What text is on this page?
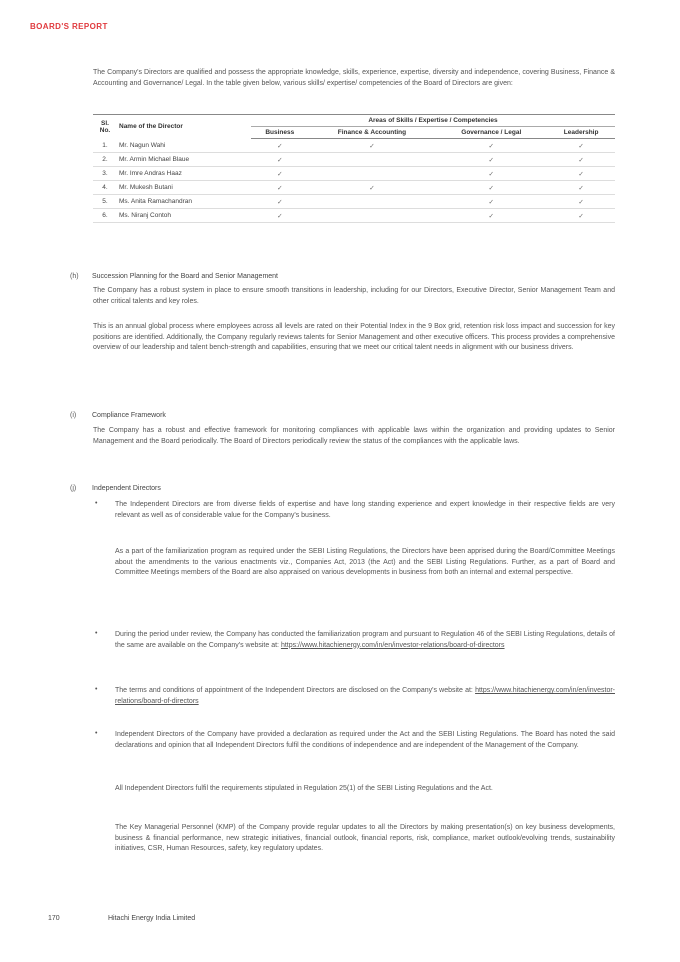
BOARD'S REPORT
The Company's Directors are qualified and possess the appropriate knowledge, skills, experience, expertise, diversity and independence, covering Business, Finance & Accounting and Governance/ Legal. In the table given below, various skills/ expertise/ competencies of the Board of Directors are given:
Sl. No.	Name of the Director	Areas of Skills / Expertise / Competencies			
		Business	Finance & Accounting	Governance / Legal	Leadership
1.	Mr. Nagun Wahi	✓	✓	✓	✓
2.	Mr. Armin Michael Blaue	✓		✓	✓
3.	Mr. Imre Andras Haaz	✓		✓	✓
4.	Mr. Mukesh Butani	✓	✓	✓	✓
5.	Ms. Anita Ramachandran	✓		✓	✓
6.	Ms. Niranj Contoh	✓		✓	✓
(h) Succession Planning for the Board and Senior Management
The Company has a robust system in place to ensure smooth transitions in leadership, including for our Directors, Executive Director, Senior Management Team and other critical talents and key roles.
This is an annual global process where employees across all levels are rated on their Potential Index in the 9 Box grid, retention risk loss impact and succession for key positions are identified. Additionally, the Company regularly reviews talents for Senior Management and other executive officers. This process provides a comprehensive overview of our leadership and talent bench-strength and capabilities, ensuring that we meet our critical talent needs in alignment with our business drivers.
(i) Compliance Framework
The Company has a robust and effective framework for monitoring compliances with applicable laws within the organization and providing updates to Senior Management and the Board periodically. The Board of Directors periodically review the status of the compliances with the applicable laws.
(j) Independent Directors
•	The Independent Directors are from diverse fields of expertise and have long standing experience and expert knowledge in their respective fields are very relevant as well as of considerable value for the Company's business.
As a part of the familiarization program as required under the SEBI Listing Regulations, the Directors have been apprised during the Board/Committee Meetings about the amendments to the various enactments viz., Companies Act, 2013 (the Act) and the SEBI Listing Regulations. Further, as a part of Board and Committee Meetings members of the Board are also appraised on various developments in business from both an internal and external perspective.
•	During the period under review, the Company has conducted the familiarization program and pursuant to Regulation 46 of the SEBI Listing Regulations, details of the same are available on the Company's website at: https://www.hitachienergy.com/in/en/investor-relations/board-of-directors
•	The terms and conditions of appointment of the Independent Directors are disclosed on the Company's website at: https://www.hitachienergy.com/in/en/investor-relations/board-of-directors
•	Independent Directors of the Company have provided a declaration as required under the Act and the SEBI Listing Regulations. The Board has noted the said declarations and opinion that all Independent Directors fulfil the conditions of independence and are independent of the Management of the Company.
All Independent Directors fulfil the requirements stipulated in Regulation 25(1) of the SEBI Listing Regulations and the Act.
The Key Managerial Personnel (KMP) of the Company provide regular updates to all the Directors by making presentation(s) on key business developments, business & financial performance, new strategic initiatives, financial outlook, financial reports, risk, compliance, market outlook/evolving trends, sustainability initiatives, CSR, Human Resources, safety, key regulatory updates.
170	Hitachi Energy India Limited
